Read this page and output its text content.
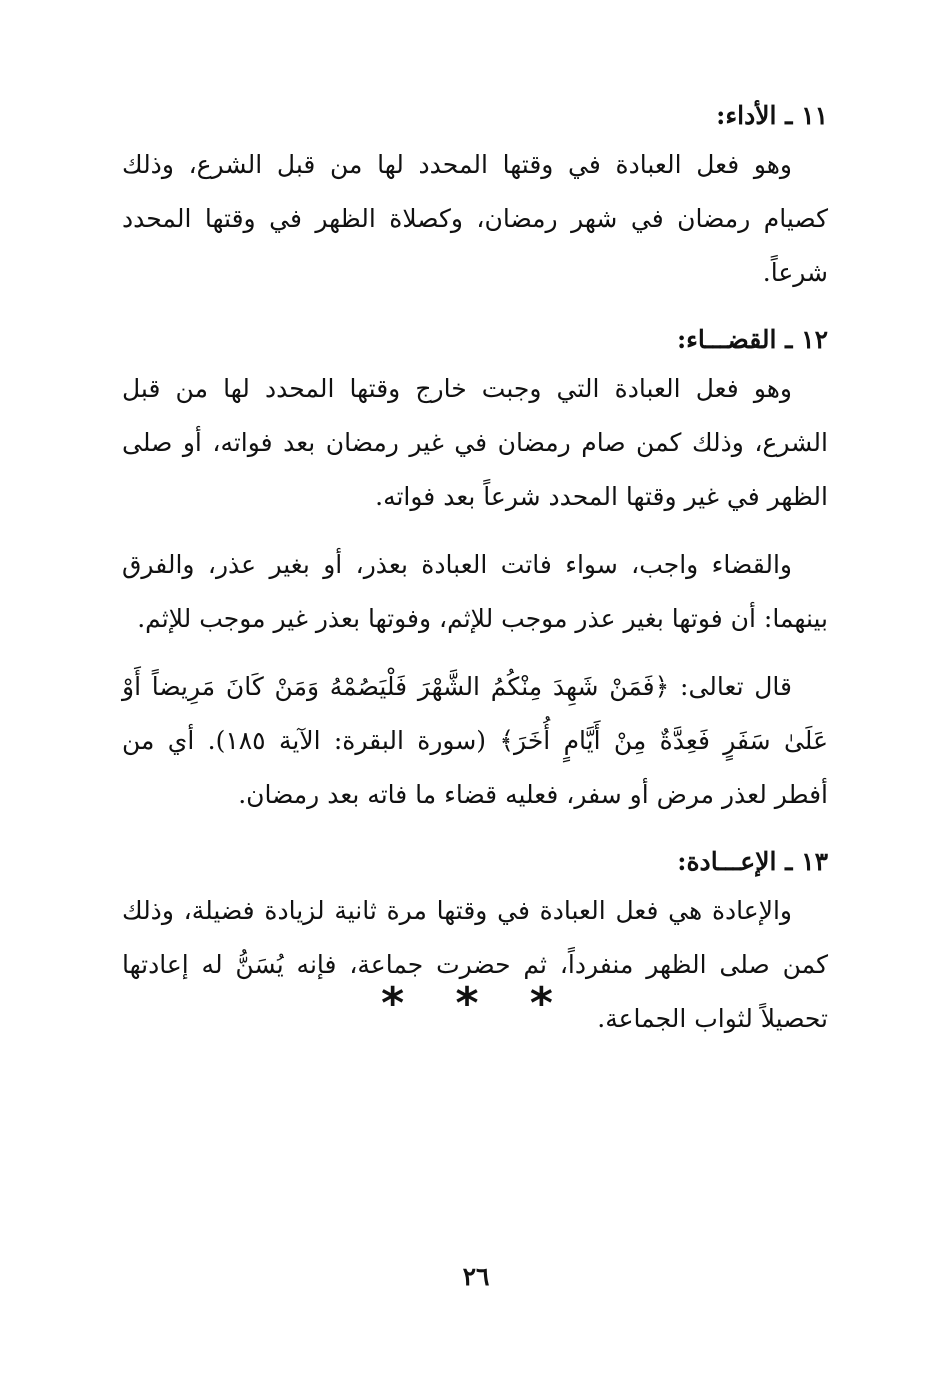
١١ ـ الأداء:

وهو فعل العبادة في وقتها المحدد لها من قبل الشرع، وذلك كصيام رمضان في شهر رمضان، وكصلاة الظهر في وقتها المحدد شرعاً.

١٢ ـ القضـــاء:

وهو فعل العبادة التي وجبت خارج وقتها المحدد لها من قبل الشرع، وذلك كمن صام رمضان في غير رمضان بعد فواته، أو صلى الظهر في غير وقتها المحدد شرعاً بعد فواته.

والقضاء واجب، سواء فاتت العبادة بعذر، أو بغير عذر، والفرق بينهما: أن فوتها بغير عذر موجب للإثم، وفوتها بعذر غير موجب للإثم.

قال تعالى: ﴿فَمَنْ شَهِدَ مِنْكُمُ الشَّهْرَ فَلْيَصُمْهُ وَمَنْ كَانَ مَرِيضاً أَوْ عَلَىٰ سَفَرٍ فَعِدَّةٌ مِنْ أَيَّامٍ أُخَرَ﴾ (سورة البقرة: الآية ١٨٥). أي من أفطر لعذر مرض أو سفر، فعليه قضاء ما فاته بعد رمضان.

١٣ ـ الإعـــادة:

والإعادة هي فعل العبادة في وقتها مرة ثانية لزيادة فضيلة، وذلك كمن صلى الظهر منفرداً، ثم حضرت جماعة، فإنه يُسَنُّ له إعادتها تحصيلاً لثواب الجماعة.

* * *
٢٦
